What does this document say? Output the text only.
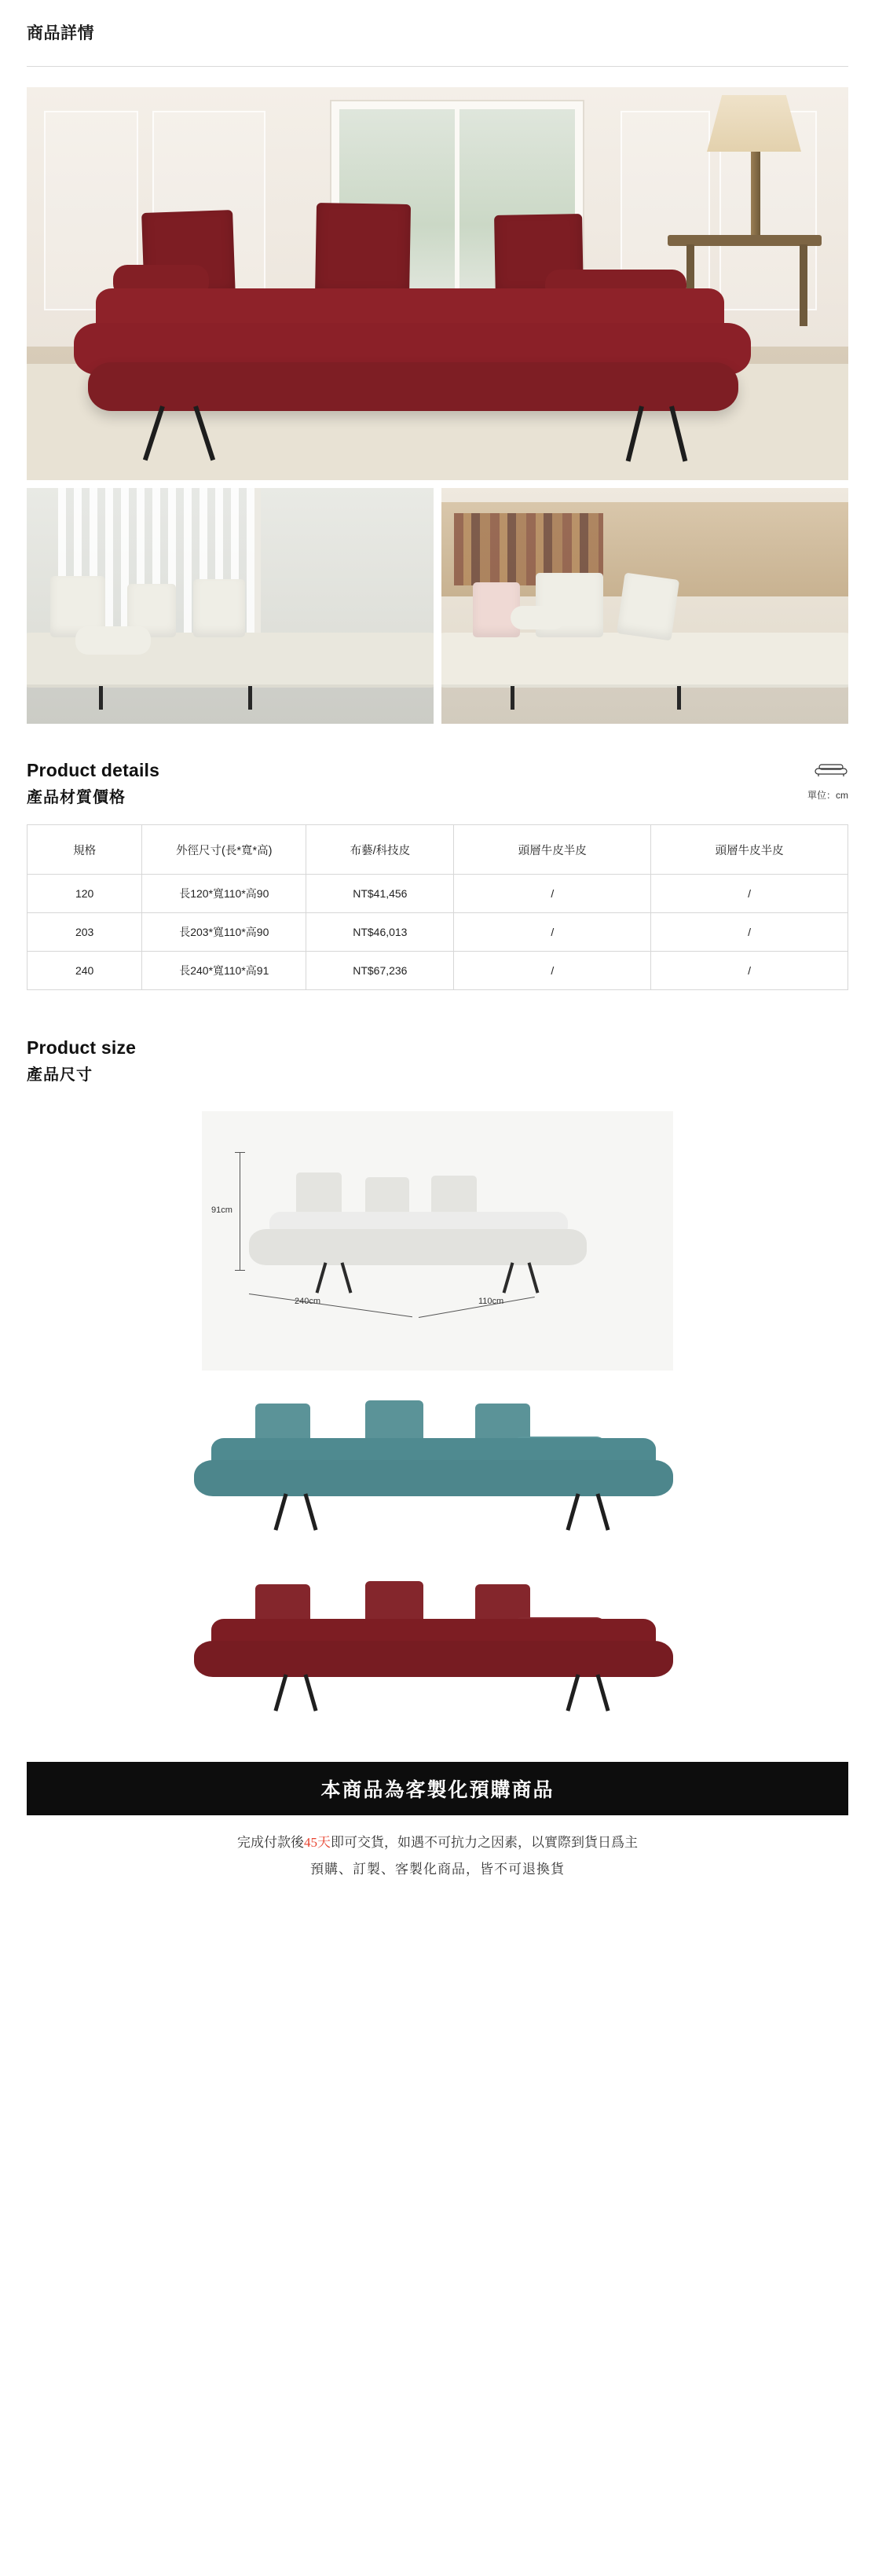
商品詳情
Product details
產品材質價格	單位：cm
規格	外徑尺寸(長*寬*高)	布藝/科技皮	頭層牛皮半皮	頭層牛皮半皮
120	長120*寬110*高90	NT$41,456	/	/
203	長203*寬110*高90	NT$46,013	/	/
240	長240*寬110*高91	NT$67,236	/	/
Product size
產品尺寸
91cm
240cm	110cm
本商品為客製化預購商品
完成付款後45天即可交貨，如遇不可抗力之因素，以實際到貨日爲主
預購、訂製、客製化商品，皆不可退換貨
